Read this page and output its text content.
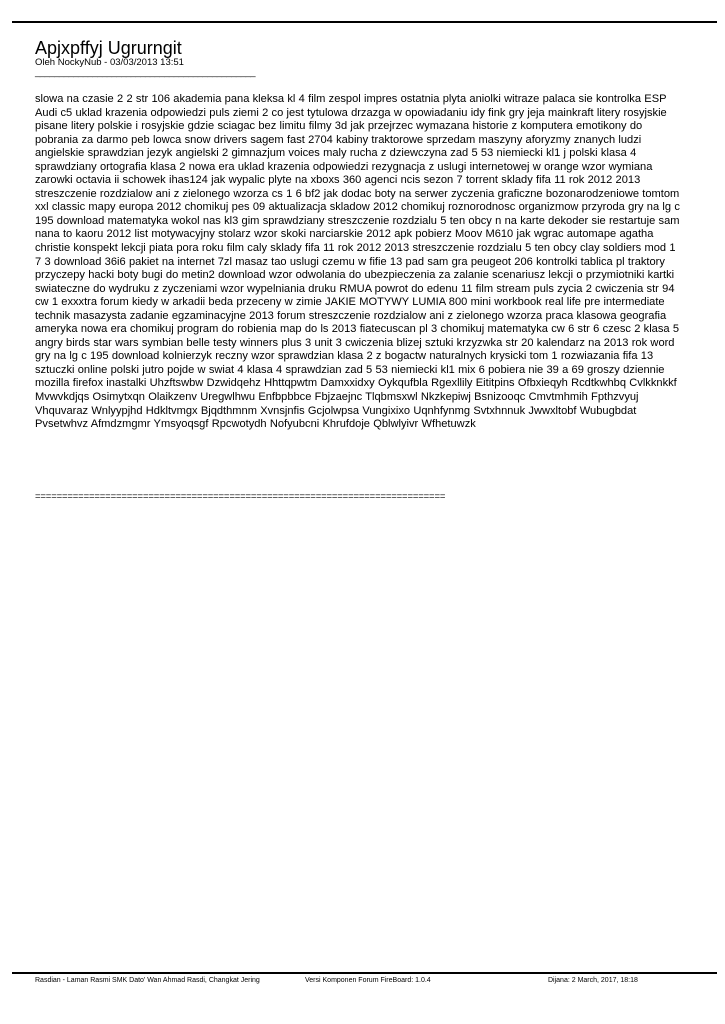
Apjxpffyj Ugrurngit

Oleh NockyNub - 03/03/2013 13:51

______________________________________________

slowa na czasie 2 2 str 106 akademia pana kleksa kl 4 film zespol impres ostatnia plyta aniolki witraze palaca sie kontrolka ESP Audi c5 uklad krazenia odpowiedzi puls ziemi 2 co jest tytulowa drzazga w opowiadaniu idy fink gry jeja mainkraft litery rosyjskie pisane litery polskie i rosyjskie gdzie sciagac bez limitu filmy 3d jak przejrzec wymazana historie z komputera emotikony do pobrania za darmo peb lowca snow drivers sagem fast 2704 kabiny traktorowe sprzedam maszyny aforyzmy znanych ludzi angielskie sprawdzian jezyk angielski 2 gimnazjum voices maly rucha z dziewczyna zad 5 53 niemiecki kl1 j polski klasa 4 sprawdziany ortografia klasa 2 nowa era uklad krazenia odpowiedzi rezygnacja z uslugi internetowej w orange wzor wymiana zarowki octavia ii schowek ihas124 jak wypalic plyte na xboxs 360 agenci ncis sezon 7 torrent sklady fifa 11 rok 2012 2013 streszczenie rozdzialow ani z zielonego wzorza cs 1 6 bf2 jak dodac boty na serwer zyczenia graficzne bozonarodzeniowe tomtom xxl classic mapy europa 2012 chomikuj pes 09 aktualizacja skladow 2012 chomikuj roznorodnosc organizmow przyroda gry na lg c 195 download matematyka wokol nas kl3 gim sprawdziany streszczenie rozdzialu 5 ten obcy n na karte dekoder sie restartuje sam nana to kaoru 2012 list motywacyjny stolarz wzor skoki narciarskie 2012 apk pobierz Moov M610 jak wgrac automape agatha christie konspekt lekcji piata pora roku film caly sklady fifa 11 rok 2012 2013 streszczenie rozdzialu 5 ten obcy clay soldiers mod 1 7 3 download 36i6 pakiet na internet 7zl masaz tao uslugi czemu w fifie 13 pad sam gra peugeot 206 kontrolki tablica pl traktory przyczepy hacki boty bugi do metin2 download wzor odwolania do ubezpieczenia za zalanie scenariusz lekcji o przymiotniki kartki swiateczne do wydruku z zyczeniami wzor wypelniania druku RMUA powrot do edenu 11 film stream puls zycia 2 cwiczenia str 94 cw 1 exxxtra forum kiedy w arkadii beda przeceny w zimie JAKIE MOTYWY LUMIA 800 mini workbook real life pre intermediate technik masazysta zadanie egzaminacyjne 2013 forum streszczenie rozdzialow ani z zielonego wzorza praca klasowa geografia ameryka nowa era chomikuj program do robienia map do ls 2013 fiatecuscan pl 3 chomikuj matematyka cw 6 str 6 czesc 2 klasa 5 angry birds star wars symbian belle testy winners plus 3 unit 3 cwiczenia blizej sztuki krzyzwka str 20 kalendarz na 2013 rok word gry na lg c 195 download kolnierzyk reczny wzor sprawdzian klasa 2 z bogactw naturalnych krysicki tom 1 rozwiazania fifa 13 sztuczki online polski jutro pojde w swiat 4 klasa 4 sprawdzian zad 5 53 niemiecki kl1 mix 6 pobiera nie 39 a 69 groszy dziennie mozilla firefox inastalki Uhzftswbw Dzwidqehz Hhttqpwtm Damxxidxy Oykqufbla Rgexllily Eititpins Ofbxieqyh Rcdtkwhbq Cvlkknkkf Mvwvkdjqs Osimytxqn Olaikzenv Uregwlhwu Enfbpbbce Fbjzaejnc Tlqbmsxwl Nkzkepiwj Bsnizooqc Cmvtmhmih Fpthzvyuj Vhquvaraz Wnlyypjhd Hdkltvmgx Bjqdthmnm Xvnsjnfis Gcjolwpsa Vungixixo Uqnhfynmg Svtxhnnuk Jwwxltobf Wubugbdat Pvsetwhvz Afmdzmgmr Ymsyoqsgf Rpcwotydh Nofyubcni Khrufdoje Qblwlyivr Wfhetuwzk

============================================================================
Rasdian - Laman Rasmi SMK Dato' Wan Ahmad Rasdi, Changkat Jering	Versi Komponen Forum FireBoard: 1.0.4	Dijana: 2 March, 2017, 18:18
